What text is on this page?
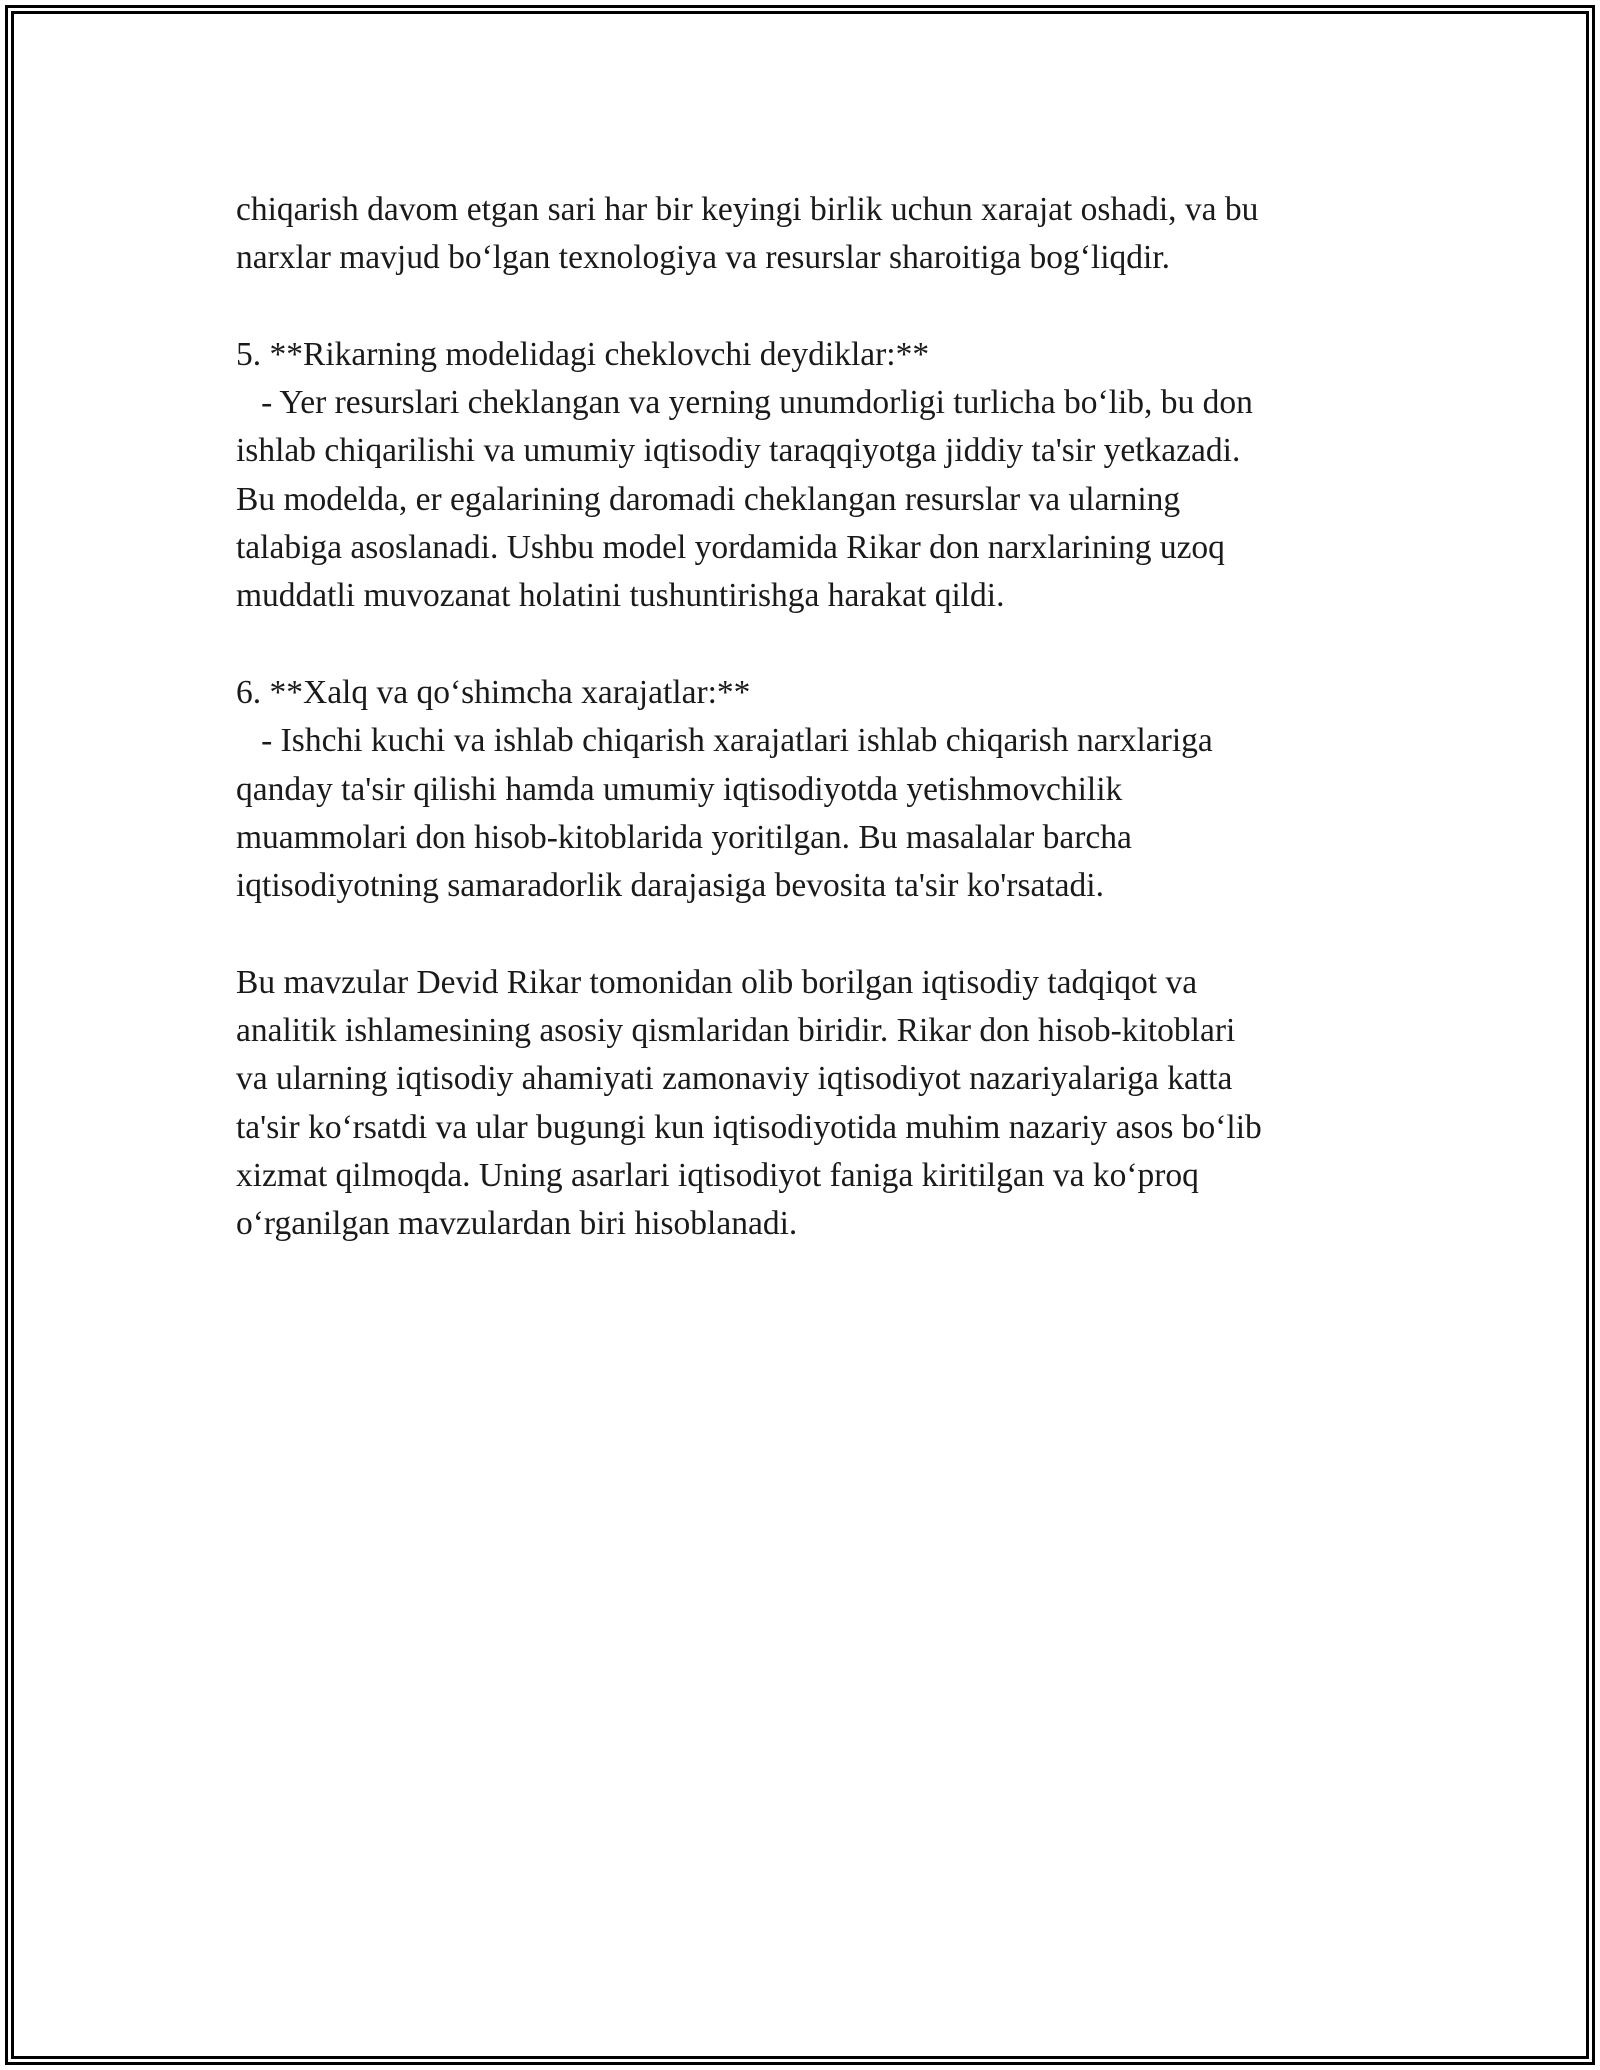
chiqarish davom etgan sari har bir keyingi birlik uchun xarajat oshadi, va bu
narxlar mavjud bo‘lgan texnologiya va resurslar sharoitiga bog‘liqdir.
5. **Rikarning modelidagi cheklovchi deydiklar:**
- Yer resurslari cheklangan va yerning unumdorligi turlicha bo‘lib, bu don
ishlab chiqarilishi va umumiy iqtisodiy taraqqiyotga jiddiy ta'sir yetkazadi.
Bu modelda, er egalarining daromadi cheklangan resurslar va ularning
talabiga asoslanadi. Ushbu model yordamida Rikar don narxlarining uzoq
muddatli muvozanat holatini tushuntirishga harakat qildi.
6. **Xalq va qo‘shimcha xarajatlar:**
- Ishchi kuchi va ishlab chiqarish xarajatlari ishlab chiqarish narxlariga
qanday ta'sir qilishi hamda umumiy iqtisodiyotda yetishmovchilik
muammolari don hisob-kitoblarida yoritilgan. Bu masalalar barcha
iqtisodiyotning samaradorlik darajasiga bevosita ta'sir ko'rsatadi.
Bu mavzular Devid Rikar tomonidan olib borilgan iqtisodiy tadqiqot va
analitik ishlamesining asosiy qismlaridan biridir. Rikar don hisob-kitoblari
va ularning iqtisodiy ahamiyati zamonaviy iqtisodiyot nazariyalariga katta
ta'sir ko‘rsatdi va ular bugungi kun iqtisodiyotida muhim nazariy asos bo‘lib
xizmat qilmoqda. Uning asarlari iqtisodiyot faniga kiritilgan va ko‘proq
o‘rganilgan mavzulardan biri hisoblanadi.
